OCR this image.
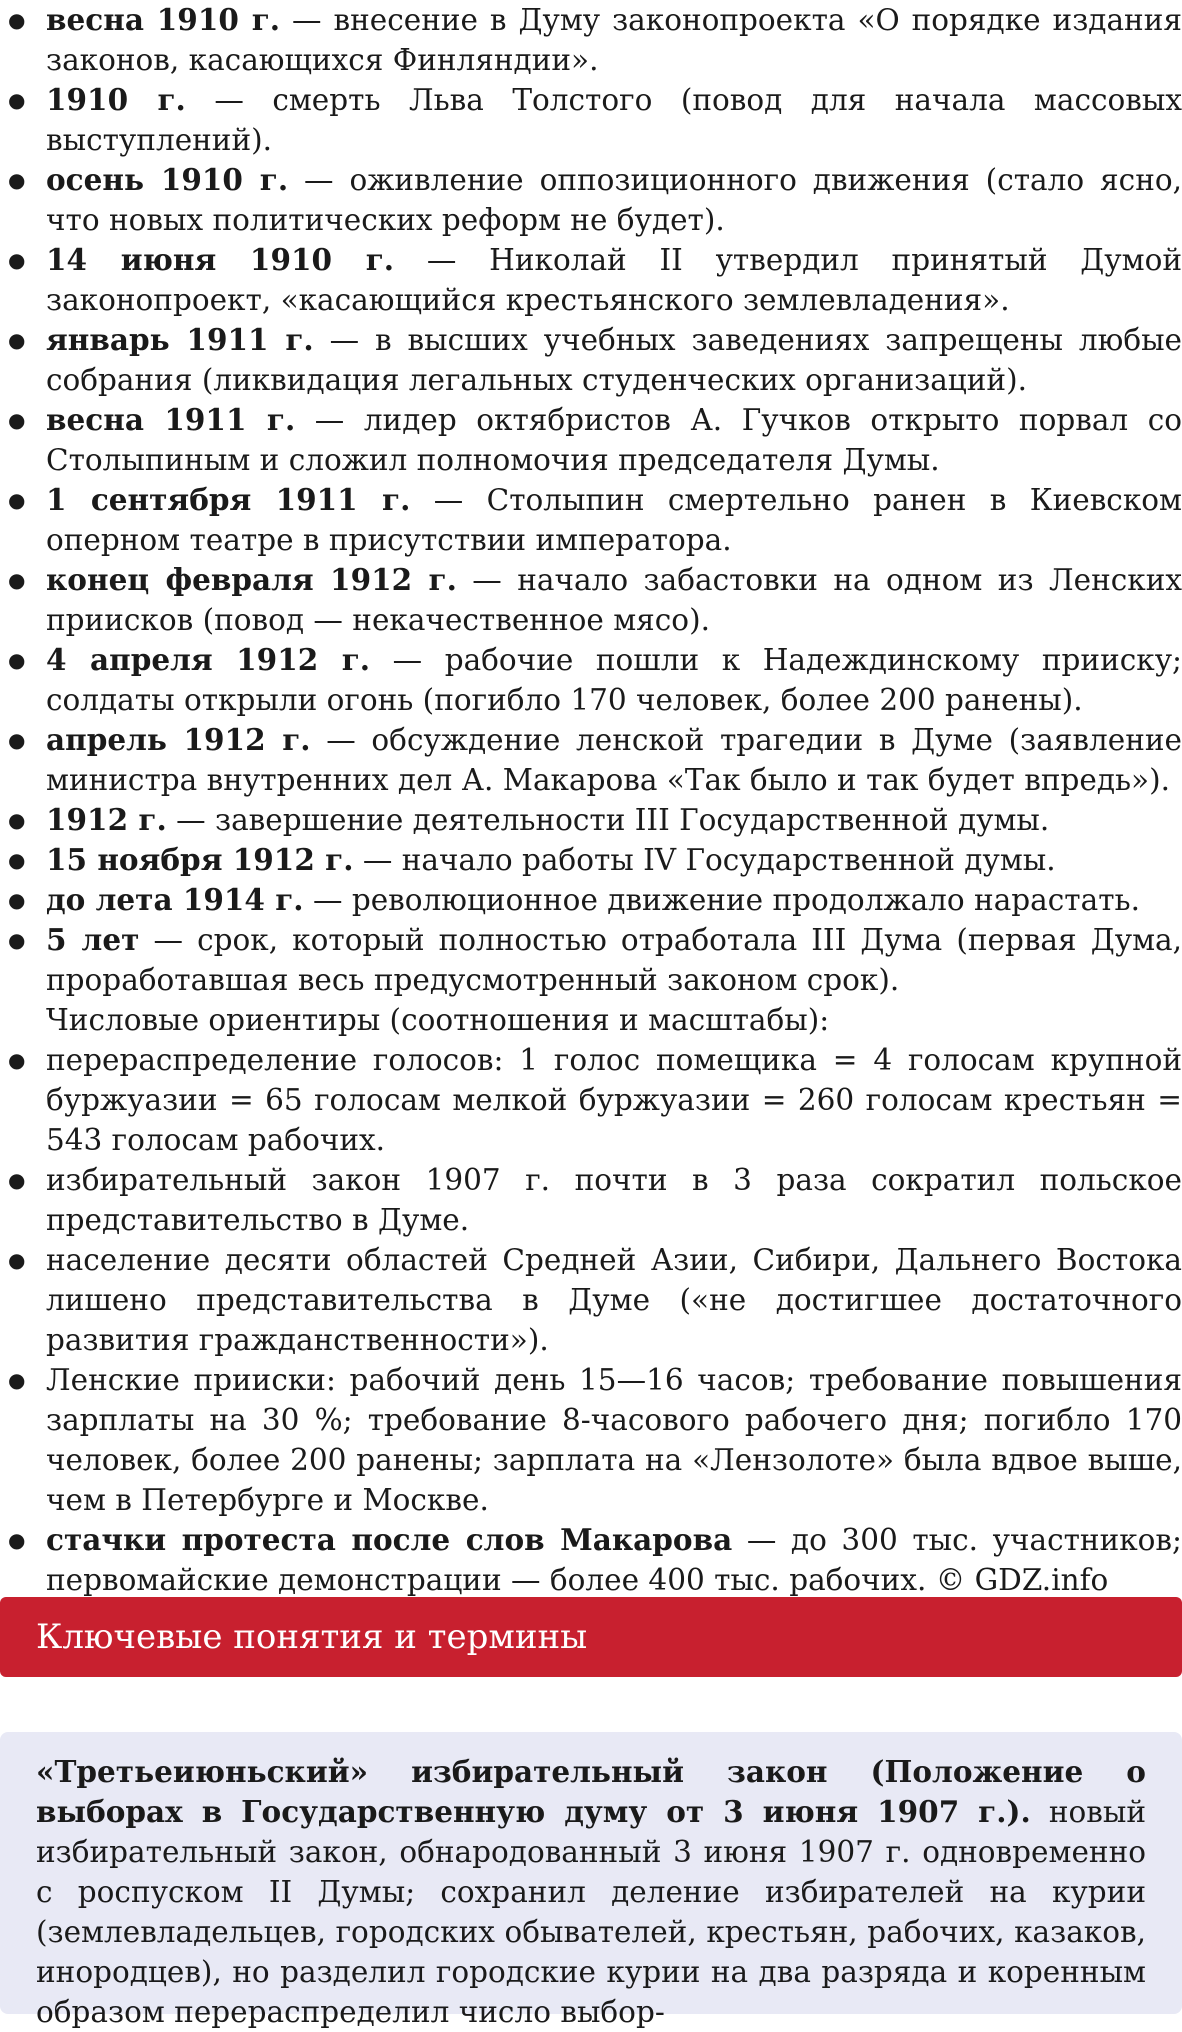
● весна 1910 г. — внесение в Думу законопроекта «О порядке издания законов, касающихся Финляндии».
● 1910 г. — смерть Льва Толстого (повод для начала массовых выступлений).
● осень 1910 г. — оживление оппозиционного движения (стало ясно, что новых политических реформ не будет).
● 14 июня 1910 г. — Николай II утвердил принятый Думой законопроект, «касающийся крестьянского землевладения».
● январь 1911 г. — в высших учебных заведениях запрещены любые собрания (ликвидация легальных студенческих организаций).
● весна 1911 г. — лидер октябристов А. Гучков открыто порвал со Столыпиным и сложил полномочия председателя Думы.
● 1 сентября 1911 г. — Столыпин смертельно ранен в Киевском оперном театре в присутствии императора.
● конец февраля 1912 г. — начало забастовки на одном из Ленских приисков (повод — некачественное мясо).
● 4 апреля 1912 г. — рабочие пошли к Надеждинскому прииску; солдаты открыли огонь (погибло 170 человек, более 200 ранены).
● апрель 1912 г. — обсуждение ленской трагедии в Думе (заявление министра внутренних дел А. Макарова «Так было и так будет впредь»).
● 1912 г. — завершение деятельности III Государственной думы.
● 15 ноября 1912 г. — начало работы IV Государственной думы.
● до лета 1914 г. — революционное движение продолжало нарастать.
● 5 лет — срок, который полностью отработала III Дума (первая Дума, проработавшая весь предусмотренный законом срок).
Числовые ориентиры (соотношения и масштабы):
● перераспределение голосов: 1 голос помещика = 4 голосам крупной буржуазии = 65 голосам мелкой буржуазии = 260 голосам крестьян = 543 голосам рабочих.
● избирательный закон 1907 г. почти в 3 раза сократил польское представительство в Думе.
● население десяти областей Средней Азии, Сибири, Дальнего Востока лишено представительства в Думе («не достигшее достаточного развития гражданственности»).
● Ленские прииски: рабочий день 15—16 часов; требование повышения зарплаты на 30 %; требование 8-часового рабочего дня; погибло 170 человек, более 200 ранены; зарплата на «Лензолоте» была вдвое выше, чем в Петербурге и Москве.
● стачки протеста после слов Макарова — до 300 тыс. участников; первомайские демонстрации — более 400 тыс. рабочих. © GDZ.info
Ключевые понятия и термины
«Третьеиюньский» избирательный закон (Положение о выборах в Государственную думу от 3 июня 1907 г.). новый избирательный закон, обнародованный 3 июня 1907 г. одновременно с роспуском II Думы; сохранил деление избирателей на курии (землевладельцев, городских обывателей, крестьян, рабочих, казаков, инородцев), но разделил городские курии на два разряда и коренным образом перераспределил число выбор-
